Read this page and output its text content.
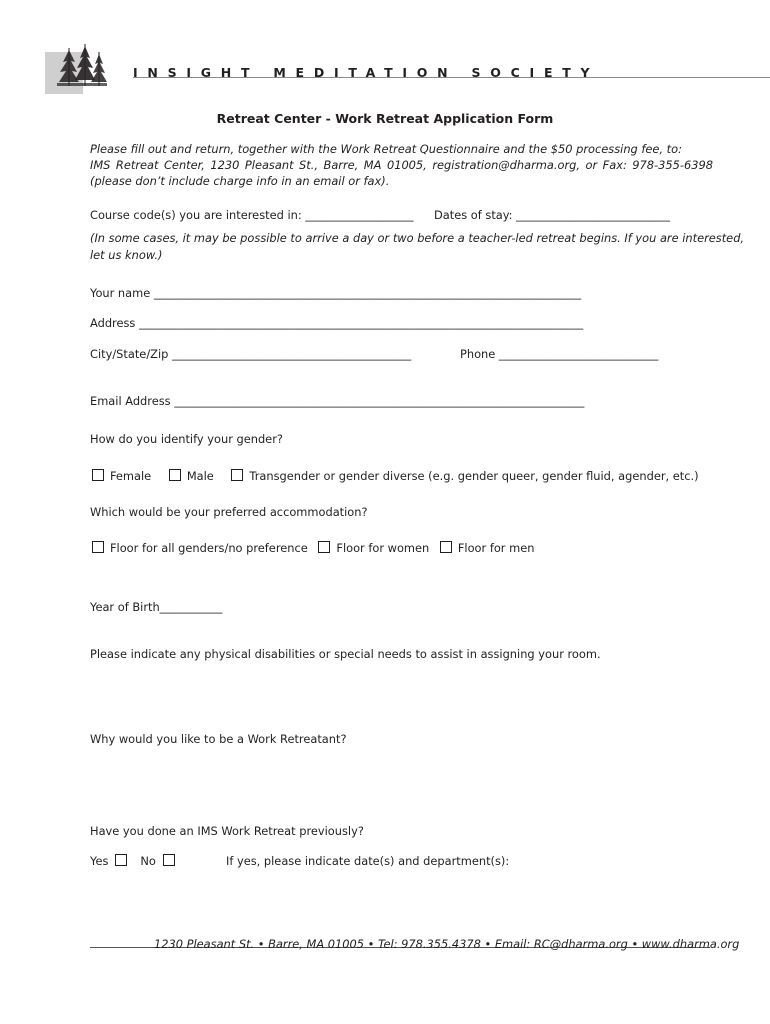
INSIGHT MEDITATION SOCIETY
Retreat Center - Work Retreat Application Form
Please fill out and return, together with the Work Retreat Questionnaire and the $50 processing fee, to:
IMS Retreat Center, 1230 Pleasant St., Barre, MA 01005, registration@dharma.org, or Fax: 978-355-6398
(please don’t include charge info in an email or fax).
Course code(s) you are interested in: ___________________ Dates of stay: ___________________________
(In some cases, it may be possible to arrive a day or two before a teacher-led retreat begins. If you are interested,
let us know.)
Your name ___________________________________________________________________________
Address ______________________________________________________________________________
City/State/Zip __________________________________________	Phone ____________________________
Email Address ________________________________________________________________________
How do you identify your gender?
Female	Male	Transgender or gender diverse (e.g. gender queer, gender fluid, agender, etc.)
Which would be your preferred accommodation?
Floor for all genders/no preference	Floor for women	Floor for men
Year of Birth___________
Please indicate any physical disabilities or special needs to assist in assigning your room.
Why would you like to be a Work Retreatant?
Have you done an IMS Work Retreat previously?
Yes	No	If yes, please indicate date(s) and department(s):
1230 Pleasant St. • Barre, MA 01005 • Tel: 978.355.4378 • Email: RC@dharma.org • www.dharma.org
